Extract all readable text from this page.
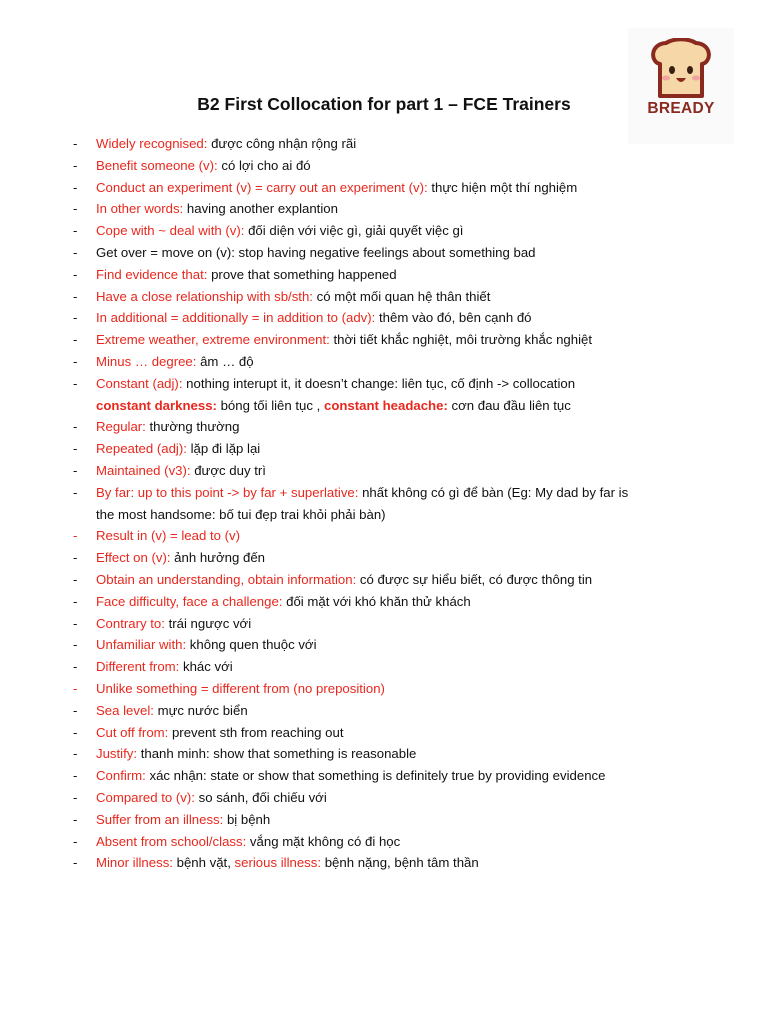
BREADY
B2 First Collocation for part 1 – FCE Trainers
- Widely recognised: được công nhận rộng rãi
- Benefit someone (v): có lợi cho ai đó
- Conduct an experiment (v) = carry out an experiment (v): thực hiện một thí nghiệm
- In other words: having another explantion
- Cope with ~ deal with (v): đối diện với việc gì, giải quyết việc gì
- Get over = move on (v): stop having negative feelings about something bad
- Find evidence that: prove that something happened
- Have a close relationship with sb/sth: có một mối quan hệ thân thiết
- In additional = additionally = in addition to (adv): thêm vào đó, bên cạnh đó
- Extreme weather, extreme environment: thời tiết khắc nghiệt, môi trường khắc nghiệt
- Minus … degree: âm … độ
- Constant (adj): nothing interupt it, it doesn’t change: liên tục, cố định -> collocation
constant darkness: bóng tối liên tục , constant headache: cơn đau đầu liên tục
- Regular: thường thường
- Repeated (adj): lặp đi lặp lại
- Maintained (v3): được duy trì
- By far: up to this point -> by far + superlative: nhất không có gì để bàn (Eg: My dad by far is
the most handsome: bố tui đẹp trai khỏi phải bàn)
- Result in (v) = lead to (v)
- Effect on (v): ảnh hưởng đến
- Obtain an understanding, obtain information: có được sự hiểu biết, có được thông tin
- Face difficulty, face a challenge: đối mặt với khó khăn thử khách
- Contrary to: trái ngược với
- Unfamiliar with: không quen thuộc với
- Different from: khác với
- Unlike something = different from (no preposition)
- Sea level: mực nước biển
- Cut off from: prevent sth from reaching out
- Justify: thanh minh: show that something is reasonable
- Confirm: xác nhận: state or show that something is definitely true by providing evidence
- Compared to (v): so sánh, đối chiếu với
- Suffer from an illness: bị bệnh
- Absent from school/class: vắng mặt không có đi học
- Minor illness: bệnh vặt, serious illness: bệnh nặng, bệnh tâm thần
